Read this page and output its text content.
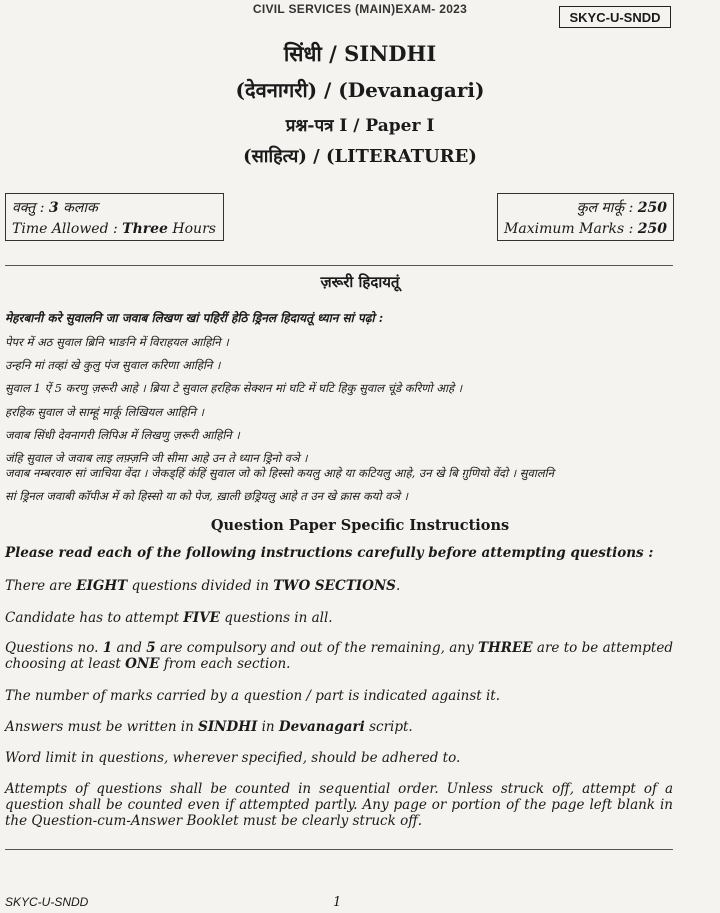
CIVIL SERVICES (MAIN)EXAM- 2023
SKYC-U-SNDD
सिंधी / SINDHI
(देवनागरी) / (Devanagari)
प्रश्न-पत्र I / Paper I
(साहित्य) / (LITERATURE)
वक्तु : 3 कलाक
Time Allowed : Three Hours
कुल मार्कू : 250
Maximum Marks : 250
ज़रूरी हिदायतूं
मेहरबानी करे सुवालनि जा जवाब लिखण खां पहिरीं हेठि ड्रिनल हिदायतूं ध्यान सां पढ़ो :
पेपर में अठ सुवाल ब्रिनि भाङनि में विराहयल आहिनि ।
उन्हनि मां तव्हां खे कुलु पंज सुवाल करिणा आहिनि ।
सुवाल 1 ऐं 5 करणु ज़रूरी आहे । ब्रिया टे सुवाल हरहिक सेक्शन मां घटि में घटि हिकु सुवाल चूंडे करिणो आहे ।
हरहिक सुवाल जे साम्हूं मार्कू लिखियल आहिनि ।
जवाब सिंधी देवनागरी लिपिअ में लिखणु ज़रूरी आहिनि ।
जंहि सुवाल जे जवाब लाइ लफ़्ज़नि जी सीमा आहे उन ते ध्यान ड्रिनो वञे ।
जवाब नम्बरवारु सां जाचिया वेंदा । जेकड्हिं कंहिं सुवाल जो को हिस्सो कयलु आहे या कटियलु आहे, उन खे बि ग़ुणियो वेंदो । सुवालनि
सां ड्रिनल जवाबी कॉपीअ में को हिस्सो या को पेज, ख़ाली छड्रियलु आहे त उन खे क्रास कयो वञे ।
Question Paper Specific Instructions
Please read each of the following instructions carefully before attempting questions :
There are EIGHT questions divided in TWO SECTIONS.
Candidate has to attempt FIVE questions in all.
Questions no. 1 and 5 are compulsory and out of the remaining, any THREE are to be attempted choosing at least ONE from each section.
The number of marks carried by a question / part is indicated against it.
Answers must be written in SINDHI in Devanagari script.
Word limit in questions, wherever specified, should be adhered to.
Attempts of questions shall be counted in sequential order. Unless struck off, attempt of a question shall be counted even if attempted partly. Any page or portion of the page left blank in the Question-cum-Answer Booklet must be clearly struck off.
SKYC-U-SNDD	1
